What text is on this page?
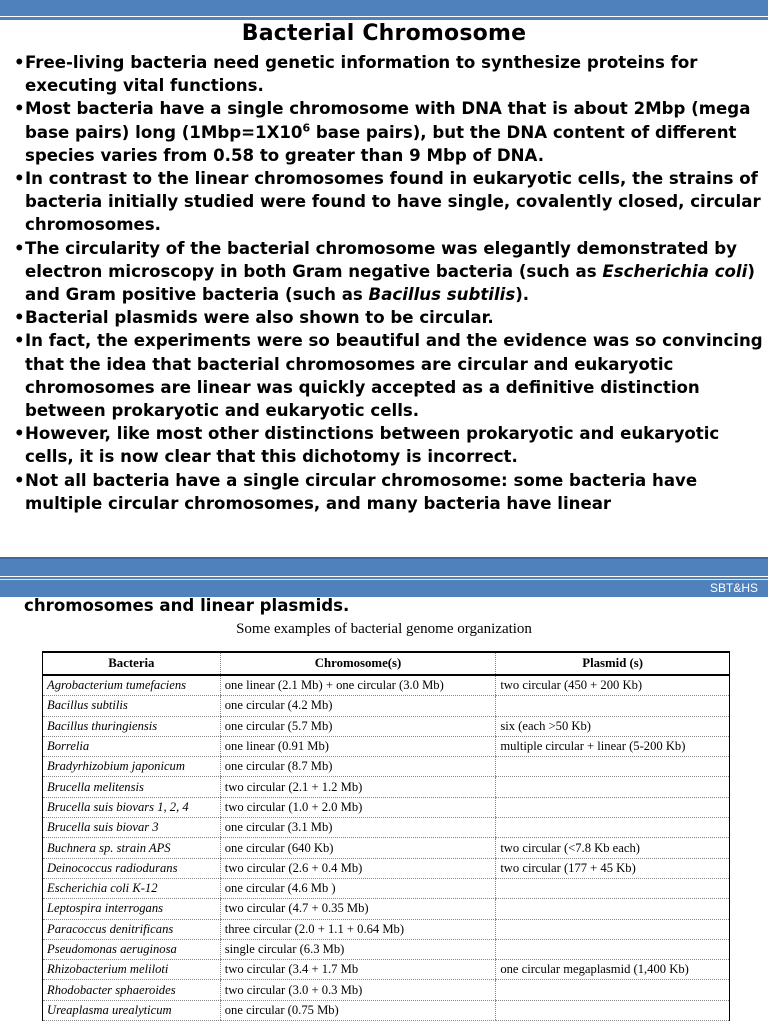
Bacterial Chromosome
• Free-living bacteria need genetic information to synthesize proteins for executing vital functions.
• Most bacteria have a single chromosome with DNA that is about 2Mbp (mega base pairs) long ($1Mbp=1X10^6$ base pairs), but the DNA content of different species varies from 0.58 to greater than 9 Mbp of DNA.
• In contrast to the linear chromosomes found in eukaryotic cells, the strains of bacteria initially studied were found to have single, covalently closed, circular chromosomes.
• The circularity of the bacterial chromosome was elegantly demonstrated by electron microscopy in both Gram negative bacteria (such as Escherichia coli) and Gram positive bacteria (such as Bacillus subtilis).
• Bacterial plasmids were also shown to be circular.
• In fact, the experiments were so beautiful and the evidence was so convincing that the idea that bacterial chromosomes are circular and eukaryotic chromosomes are linear was quickly accepted as a definitive distinction between prokaryotic and eukaryotic cells.
• However, like most other distinctions between prokaryotic and eukaryotic cells, it is now clear that this dichotomy is incorrect.
• Not all bacteria have a single circular chromosome: some bacteria have multiple circular chromosomes, and many bacteria have linear
SBT&HS
chromosomes and linear plasmids.
Some examples of bacterial genome organization
Bacteria	Chromosome(s)	Plasmid (s)
Agrobacterium tumefaciens	one linear (2.1 Mb) + one circular (3.0 Mb)	two circular (450 + 200 Kb)
Bacillus subtilis	one circular (4.2 Mb)	
Bacillus thuringiensis	one circular (5.7 Mb)	six (each >50 Kb)
Borrelia	one linear (0.91 Mb)	multiple circular + linear (5-200 Kb)
Bradyrhizobium japonicum	one circular (8.7 Mb)	
Brucella melitensis	two circular (2.1 + 1.2 Mb)	
Brucella suis biovars 1, 2, 4	two circular (1.0 + 2.0 Mb)	
Brucella suis biovar 3	one circular (3.1 Mb)	
Buchnera sp. strain APS	one circular (640 Kb)	two circular (<7.8 Kb each)
Deinococcus radiodurans	two circular (2.6 + 0.4 Mb)	two circular (177 + 45 Kb)
Escherichia coli K-12	one circular (4.6 Mb )	
Leptospira interrogans	two circular (4.7 + 0.35 Mb)	
Paracoccus denitrificans	three circular (2.0 + 1.1 + 0.64 Mb)	
Pseudomonas aeruginosa	single circular (6.3 Mb)	
Rhizobacterium meliloti	two circular (3.4 + 1.7 Mb	one circular megaplasmid (1,400 Kb)
Rhodobacter sphaeroides	two circular (3.0 + 0.3 Mb)	
Ureaplasma urealyticum	one circular (0.75 Mb)	
